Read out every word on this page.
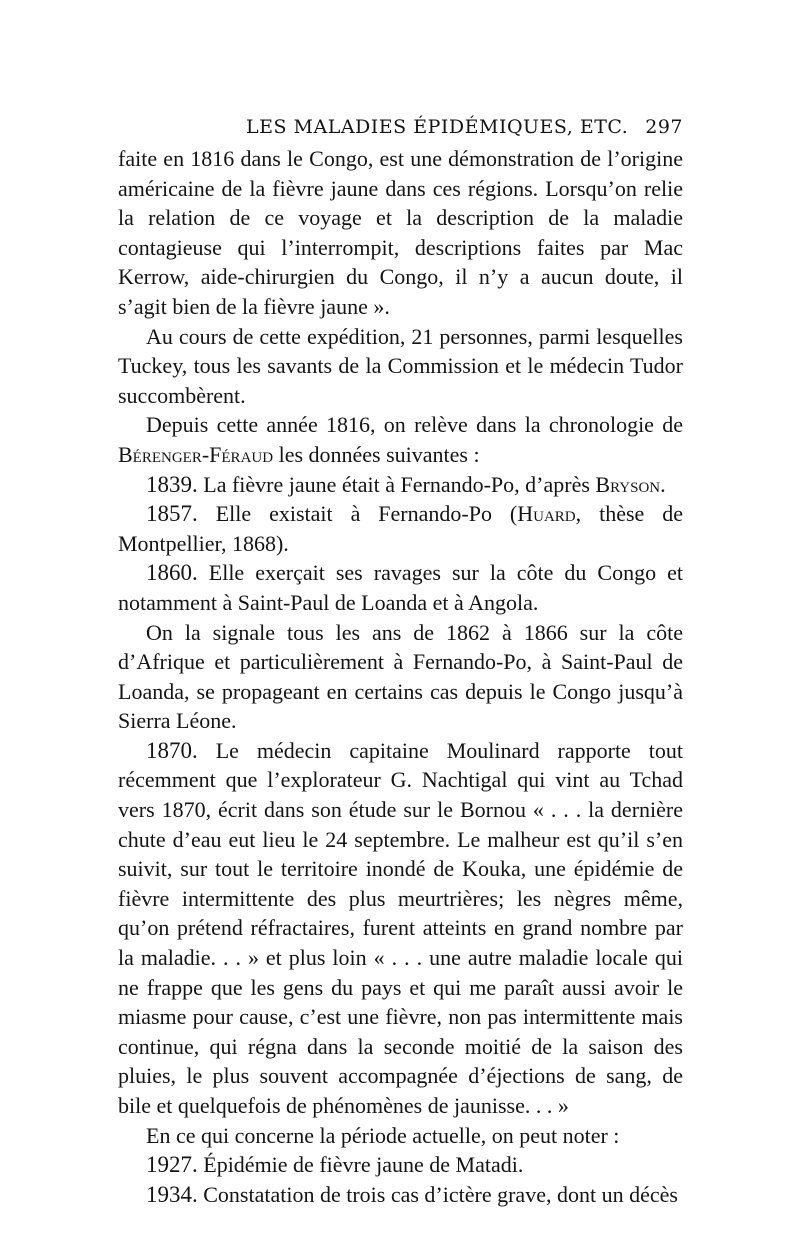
LES MALADIES ÉPIDÉMIQUES, ETC. 297

faite en 1816 dans le Congo, est une démonstration de l’origine américaine de la fièvre jaune dans ces régions. Lorsqu’on relie la relation de ce voyage et la description de la maladie contagieuse qui l’interrompit, descriptions faites par Mac Kerrow, aide-chirurgien du Congo, il n’y a aucun doute, il s’agit bien de la fièvre jaune ».

Au cours de cette expédition, 21 personnes, parmi lesquelles Tuckey, tous les savants de la Commission et le médecin Tudor succombèrent.

Depuis cette année 1816, on relève dans la chronologie de Bérenger-Féraud les données suivantes :

1839. La fièvre jaune était à Fernando-Po, d’après Bryson.

1857. Elle existait à Fernando-Po (Huard, thèse de Montpellier, 1868).

1860. Elle exerçait ses ravages sur la côte du Congo et notamment à Saint-Paul de Loanda et à Angola.

On la signale tous les ans de 1862 à 1866 sur la côte d’Afrique et particulièrement à Fernando-Po, à Saint-Paul de Loanda, se propageant en certains cas depuis le Congo jusqu’à Sierra Léone.

1870. Le médecin capitaine Moulinard rapporte tout récemment que l’explorateur G. Nachtigal qui vint au Tchad vers 1870, écrit dans son étude sur le Bornou « . . . la dernière chute d’eau eut lieu le 24 septembre. Le malheur est qu’il s’en suivit, sur tout le territoire inondé de Kouka, une épidémie de fièvre intermittente des plus meurtrières; les nègres même, qu’on prétend réfractaires, furent atteints en grand nombre par la maladie. . . » et plus loin « . . . une autre maladie locale qui ne frappe que les gens du pays et qui me paraît aussi avoir le miasme pour cause, c’est une fièvre, non pas intermittente mais continue, qui régna dans la seconde moitié de la saison des pluies, le plus souvent accompagnée d’éjections de sang, de bile et quelquefois de phénomènes de jaunisse. . . »

En ce qui concerne la période actuelle, on peut noter :

1927. Épidémie de fièvre jaune de Matadi.

1934. Constatation de trois cas d’ictère grave, dont un décès
